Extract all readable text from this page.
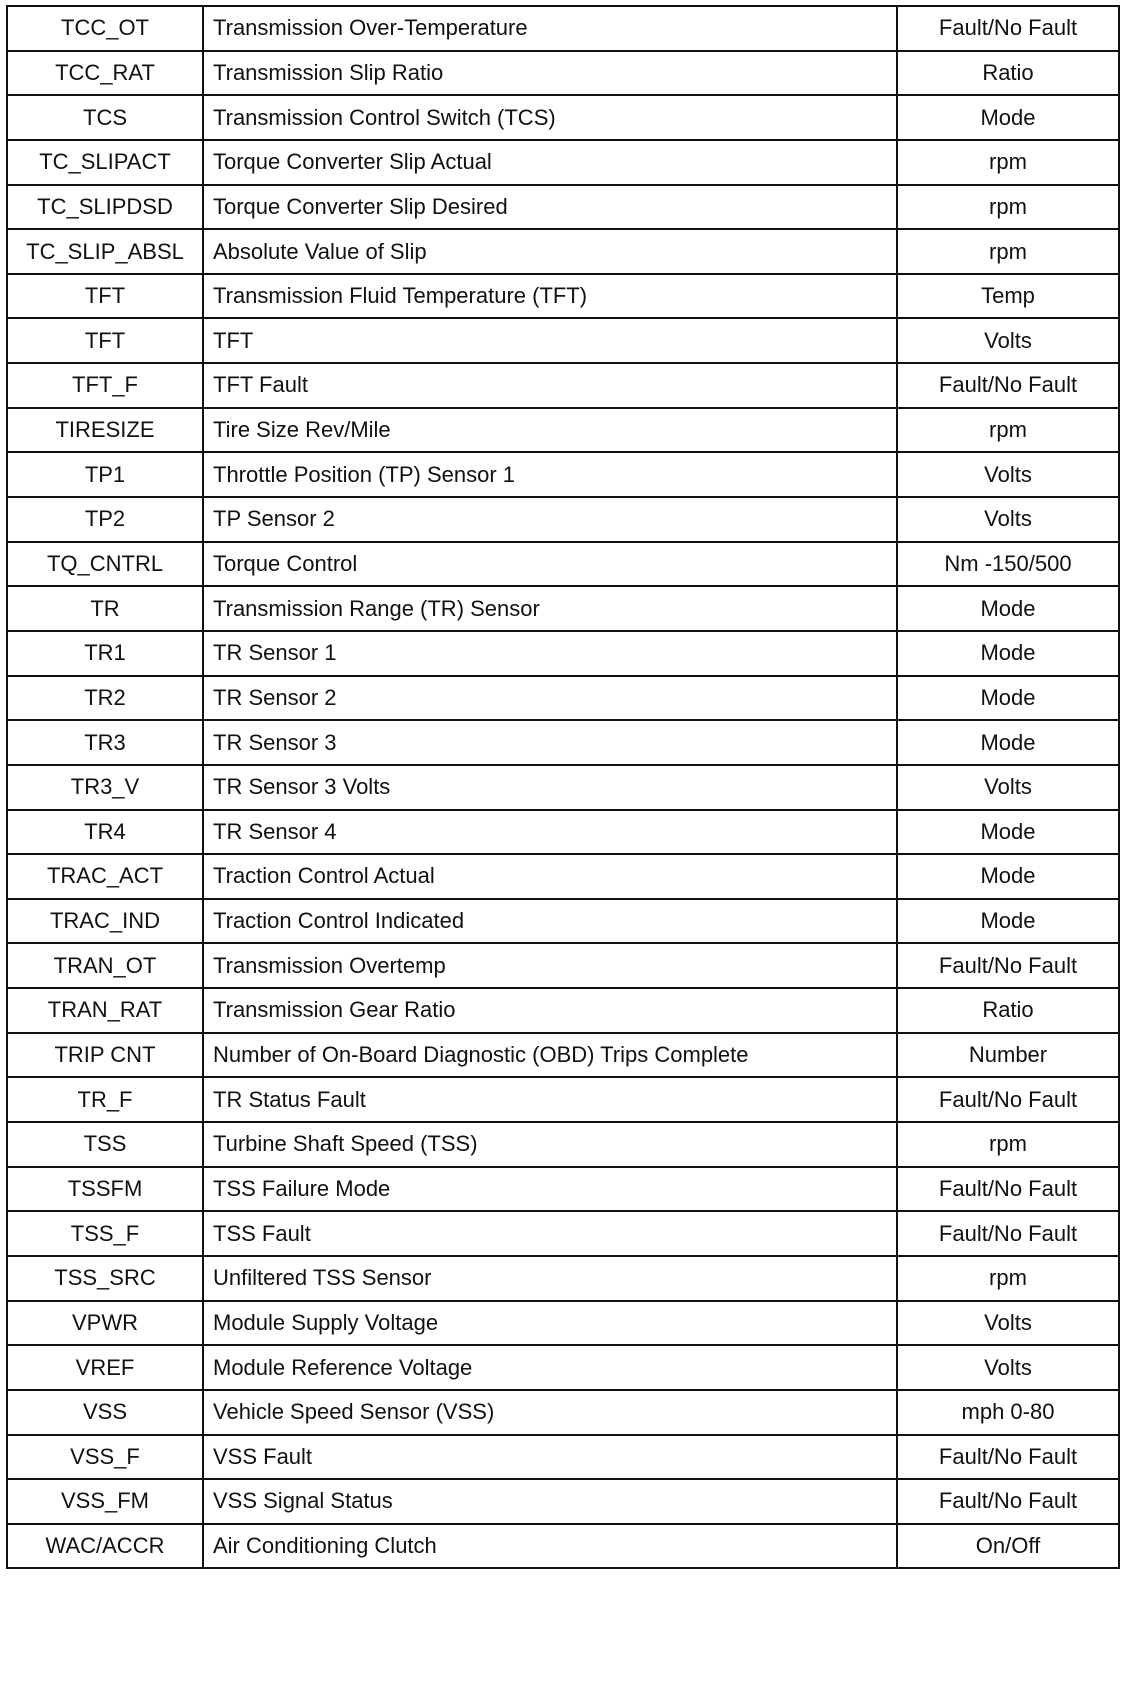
TCC_OT	Transmission Over-Temperature	Fault/No Fault
TCC_RAT	Transmission Slip Ratio	Ratio
TCS	Transmission Control Switch (TCS)	Mode
TC_SLIPACT	Torque Converter Slip Actual	rpm
TC_SLIPDSD	Torque Converter Slip Desired	rpm
TC_SLIP_ABSL	Absolute Value of Slip	rpm
TFT	Transmission Fluid Temperature (TFT)	Temp
TFT	TFT	Volts
TFT_F	TFT Fault	Fault/No Fault
TIRESIZE	Tire Size Rev/Mile	rpm
TP1	Throttle Position (TP) Sensor 1	Volts
TP2	TP Sensor 2	Volts
TQ_CNTRL	Torque Control	Nm -150/500
TR	Transmission Range (TR) Sensor	Mode
TR1	TR Sensor 1	Mode
TR2	TR Sensor 2	Mode
TR3	TR Sensor 3	Mode
TR3_V	TR Sensor 3 Volts	Volts
TR4	TR Sensor 4	Mode
TRAC_ACT	Traction Control Actual	Mode
TRAC_IND	Traction Control Indicated	Mode
TRAN_OT	Transmission Overtemp	Fault/No Fault
TRAN_RAT	Transmission Gear Ratio	Ratio
TRIP CNT	Number of On-Board Diagnostic (OBD) Trips Complete	Number
TR_F	TR Status Fault	Fault/No Fault
TSS	Turbine Shaft Speed (TSS)	rpm
TSSFM	TSS Failure Mode	Fault/No Fault
TSS_F	TSS Fault	Fault/No Fault
TSS_SRC	Unfiltered TSS Sensor	rpm
VPWR	Module Supply Voltage	Volts
VREF	Module Reference Voltage	Volts
VSS	Vehicle Speed Sensor (VSS)	mph 0-80
VSS_F	VSS Fault	Fault/No Fault
VSS_FM	VSS Signal Status	Fault/No Fault
WAC/ACCR	Air Conditioning Clutch	On/Off
